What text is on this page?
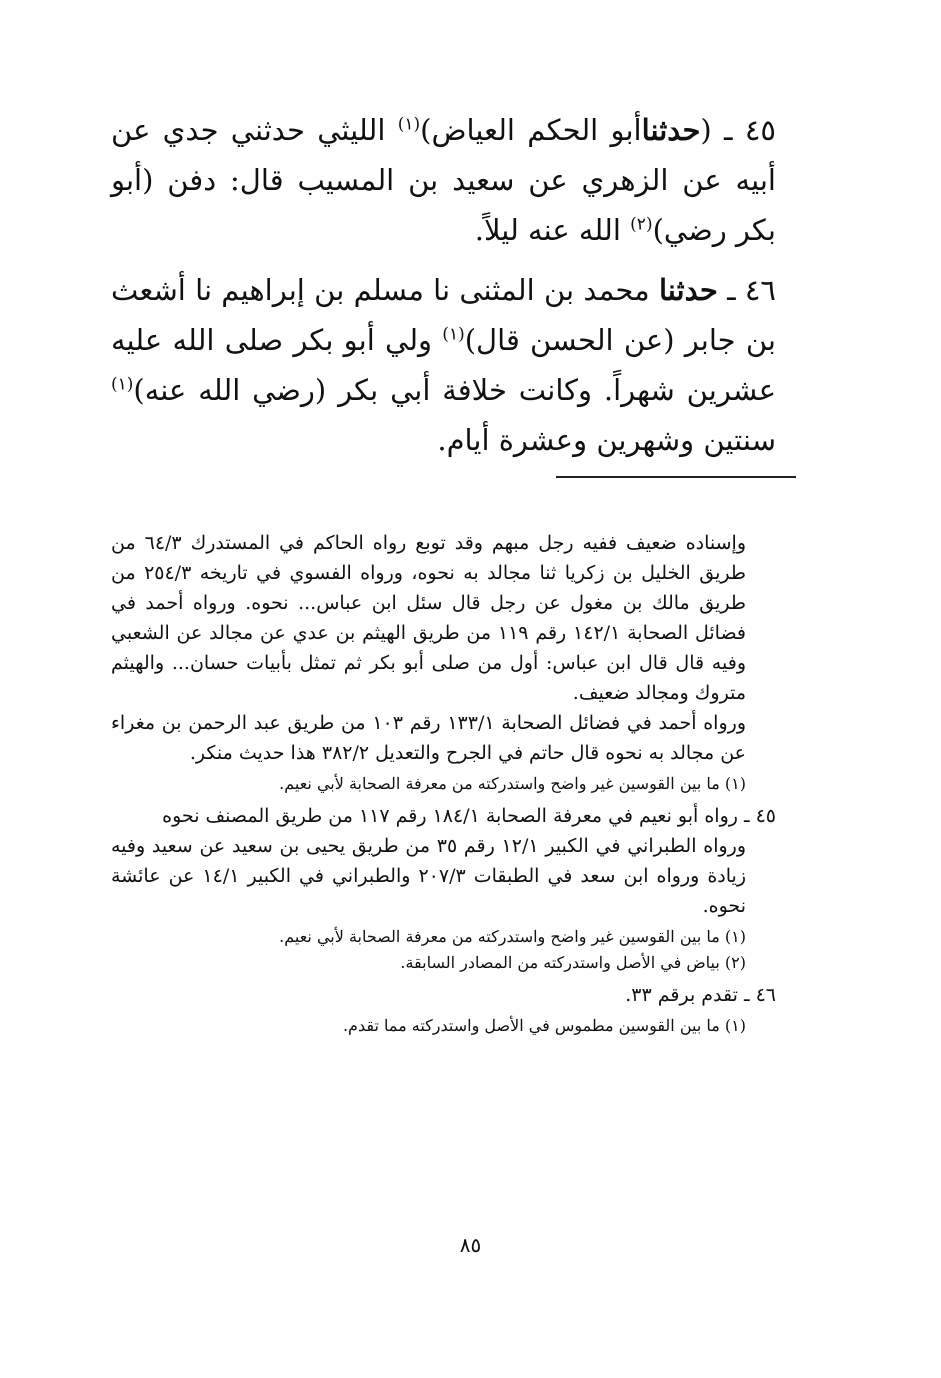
٤٥ ـ (حدثناأبو الحكم العياض)$^{(١)}$ الليثي حدثني جدي عن أبيه عن الزهري عن سعيد بن المسيب قال: دفن (أبو بكر رضي)$^{(٢)}$ الله عنه ليلاً.

٤٦ ـ حدثنا محمد بن المثنى نا مسلم بن إبراهيم نا أشعث بن جابر (عن الحسن قال)$^{(١)}$ ولي أبو بكر صلى الله عليه عشرين شهراً. وكانت خلافة أبي بكر (رضي الله عنه)$^{(١)}$ سنتين وشهرين وعشرة أيام.

وإسناده ضعيف ففيه رجل مبهم وقد توبع رواه الحاكم في المستدرك ٦٤/٣ من طريق الخليل بن زكريا ثنا مجالد به نحوه، ورواه الفسوي في تاريخه ٢٥٤/٣ من طريق مالك بن مغول عن رجل قال سئل ابن عباس... نحوه. ورواه أحمد في فضائل الصحابة ١٤٢/١ رقم ١١٩ من طريق الهيثم بن عدي عن مجالد عن الشعبي وفيه قال قال ابن عباس: أول من صلى أبو بكر ثم تمثل بأبيات حسان... والهيثم متروك ومجالد ضعيف.

ورواه أحمد في فضائل الصحابة ١٣٣/١ رقم ١٠٣ من طريق عبد الرحمن بن مغراء عن مجالد به نحوه قال حاتم في الجرح والتعديل ٣٨٢/٢ هذا حديث منكر.

(١) ما بين القوسين غير واضح واستدركته من معرفة الصحابة لأبي نعيم.

٤٥ ـ رواه أبو نعيم في معرفة الصحابة ١٨٤/١ رقم ١١٧ من طريق المصنف نحوه
ورواه الطبراني في الكبير ١٢/١ رقم ٣٥ من طريق يحيى بن سعيد عن سعيد وفيه زيادة ورواه ابن سعد في الطبقات ٢٠٧/٣ والطبراني في الكبير ١٤/١ عن عائشة نحوه.

(١) ما بين القوسين غير واضح واستدركته من معرفة الصحابة لأبي نعيم.

(٢) بياض في الأصل واستدركته من المصادر السابقة.

٤٦ ـ تقدم برقم ٣٣.

(١) ما بين القوسين مطموس في الأصل واستدركته مما تقدم.

٨٥
